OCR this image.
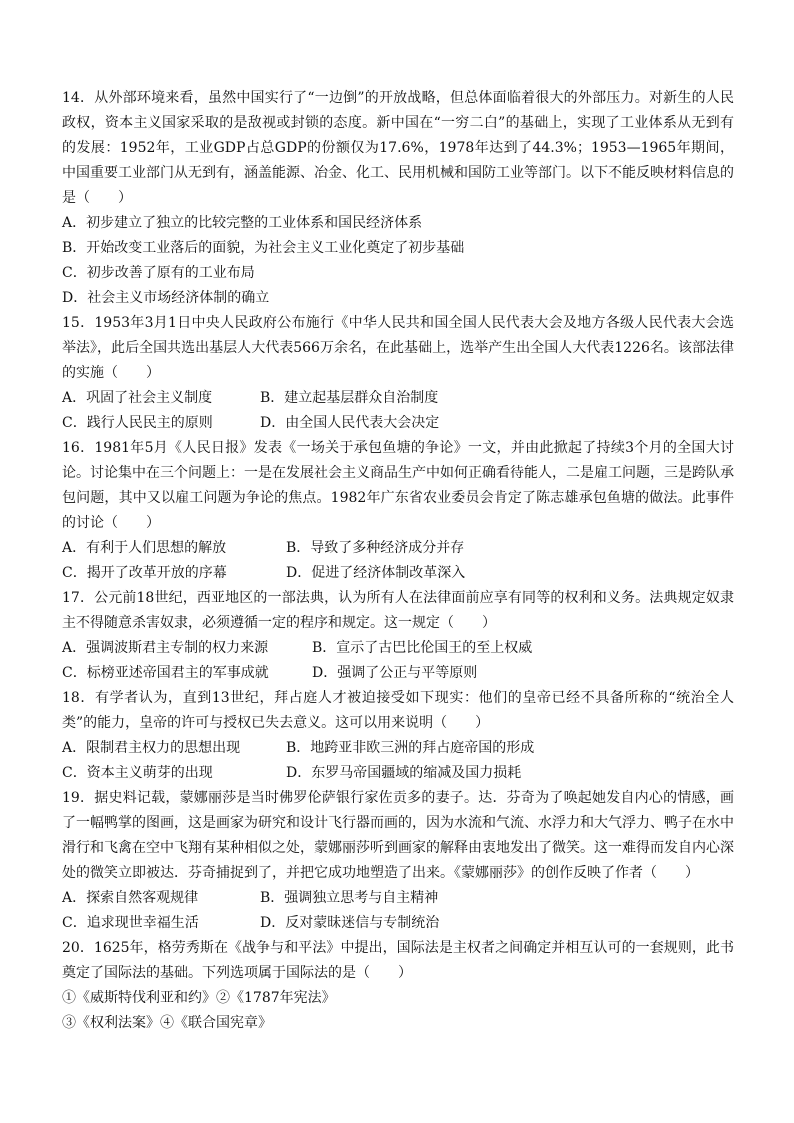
14．从外部环境来看，虽然中国实行了“一边倒”的开放战略，但总体面临着很大的外部压力。对新生的人民政权，资本主义国家采取的是敌视或封锁的态度。新中国在“一穷二白”的基础上，实现了工业体系从无到有的发展：1952年，工业GDP占总GDP的份额仅为17.6%，1978年达到了44.3%；1953—1965年期间，中国重要工业部门从无到有，涵盖能源、冶金、化工、民用机械和国防工业等部门。以下不能反映材料信息的是（　　）

A．初步建立了独立的比较完整的工业体系和国民经济体系
B．开始改变工业落后的面貌，为社会主义工业化奠定了初步基础
C．初步改善了原有的工业布局
D．社会主义市场经济体制的确立

15．1953年3月1日中央人民政府公布施行《中华人民共和国全国人民代表大会及地方各级人民代表大会选举法》，此后全国共选出基层人大代表566万余名，在此基础上，选举产生出全国人大代表1226名。该部法律的实施（　　）

A．巩固了社会主义制度	B．建立起基层群众自治制度
C．践行人民民主的原则	D．由全国人民代表大会决定

16．1981年5月《人民日报》发表《一场关于承包鱼塘的争论》一文，并由此掀起了持续3个月的全国大讨论。讨论集中在三个问题上：一是在发展社会主义商品生产中如何正确看待能人，二是雇工问题，三是跨队承包问题，其中又以雇工问题为争论的焦点。1982年广东省农业委员会肯定了陈志雄承包鱼塘的做法。此事件的讨论（　　）

A．有利于人们思想的解放	B．导致了多种经济成分并存
C．揭开了改革开放的序幕	D．促进了经济体制改革深入

17．公元前18世纪，西亚地区的一部法典，认为所有人在法律面前应享有同等的权利和义务。法典规定奴隶主不得随意杀害奴隶，必须遵循一定的程序和规定。这一规定（　　）

A．强调波斯君主专制的权力来源	B．宣示了古巴比伦国王的至上权威
C．标榜亚述帝国君主的军事成就	D．强调了公正与平等原则

18．有学者认为，直到13世纪，拜占庭人才被迫接受如下现实：他们的皇帝已经不具备所称的“统治全人类”的能力，皇帝的许可与授权已失去意义。这可以用来说明（　　）

A．限制君主权力的思想出现	B．地跨亚非欧三洲的拜占庭帝国的形成
C．资本主义萌芽的出现	D．东罗马帝国疆域的缩减及国力损耗

19．据史料记载，蒙娜丽莎是当时佛罗伦萨银行家佐贡多的妻子。达．芬奇为了唤起她发自内心的情感，画了一幅鸭掌的图画，这是画家为研究和设计飞行器而画的，因为水流和气流、水浮力和大气浮力、鸭子在水中滑行和飞禽在空中飞翔有某种相似之处，蒙娜丽莎听到画家的解释由衷地发出了微笑。这一难得而发自内心深处的微笑立即被达．芬奇捕捉到了，并把它成功地塑造了出来。《蒙娜丽莎》的创作反映了作者（　　）

A．探索自然客观规律	B．强调独立思考与自主精神
C．追求现世幸福生活	D．反对蒙昧迷信与专制统治

20．1625年，格劳秀斯在《战争与和平法》中提出，国际法是主权者之间确定并相互认可的一套规则，此书奠定了国际法的基础。下列选项属于国际法的是（　　）

①《威斯特伐利亚和约》②《1787年宪法》
③《权利法案》④《联合国宪章》
